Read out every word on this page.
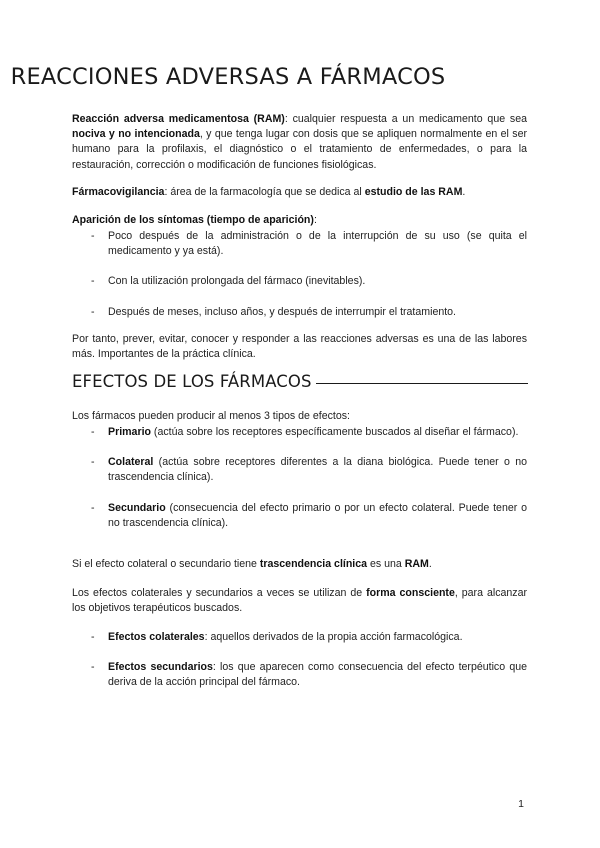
REACCIONES ADVERSAS A FÁRMACOS

Reacción adversa medicamentosa (RAM): cualquier respuesta a un medicamento que sea nociva y no intencionada, y que tenga lugar con dosis que se apliquen normalmente en el ser humano para la profilaxis, el diagnóstico o el tratamiento de enfermedades, o para la restauración, corrección o modificación de funciones fisiológicas.

Fármacovigilancia: área de la farmacología que se dedica al estudio de las RAM.

Aparición de los síntomas (tiempo de aparición):

- Poco después de la administración o de la interrupción de su uso (se quita el medicamento y ya está).
- Con la utilización prolongada del fármaco (inevitables).
- Después de meses, incluso años, y después de interrumpir el tratamiento.

Por tanto, prever, evitar, conocer y responder a las reacciones adversas es una de las labores más. Importantes de la práctica clínica.

EFECTOS DE LOS FÁRMACOS

Los fármacos pueden producir al menos 3 tipos de efectos:

- Primario (actúa sobre los receptores específicamente buscados al diseñar el fármaco).
- Colateral (actúa sobre receptores diferentes a la diana biológica. Puede tener o no trascendencia clínica).
- Secundario (consecuencia del efecto primario o por un efecto colateral. Puede tener o no trascendencia clínica).

Si el efecto colateral o secundario tiene trascendencia clínica es una RAM.

Los efectos colaterales y secundarios a veces se utilizan de forma consciente, para alcanzar los objetivos terapéuticos buscados.

- Efectos colaterales: aquellos derivados de la propia acción farmacológica.
- Efectos secundarios: los que aparecen como consecuencia del efecto terpéutico que deriva de la acción principal del fármaco.
1
